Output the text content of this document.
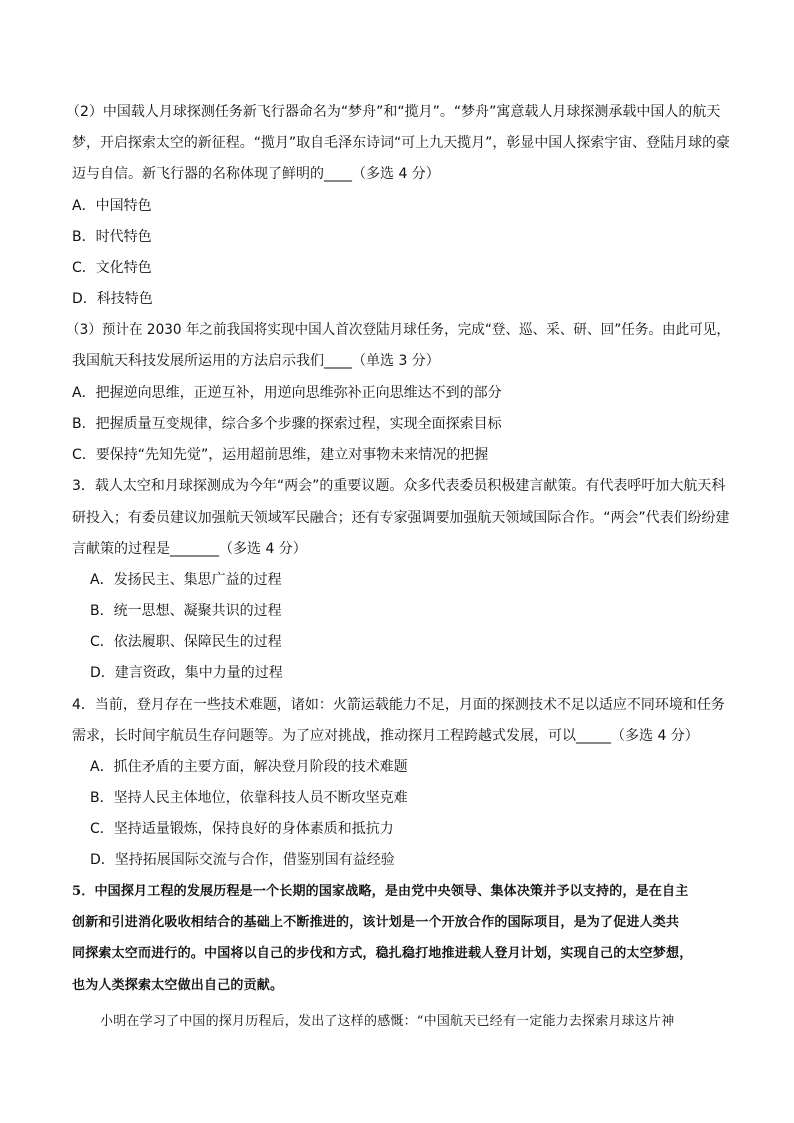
（2）中国载人月球探测任务新飞行器命名为“梦舟”和“揽月”。“梦舟”寓意载人月球探测承载中国人的航天
梦，开启探索太空的新征程。“揽月”取自毛泽东诗词“可上九天揽月”，彰显中国人探索宇宙、登陆月球的豪
迈与自信。新飞行器的名称体现了鲜明的____（多选 4 分）
A．中国特色
B．时代特色
C．文化特色
D．科技特色
（3）预计在 2030 年之前我国将实现中国人首次登陆月球任务，完成“登、巡、采、研、回”任务。由此可见，
我国航天科技发展所运用的方法启示我们____（单选 3 分）
A．把握逆向思维，正逆互补，用逆向思维弥补正向思维达不到的部分
B．把握质量互变规律，综合多个步骤的探索过程，实现全面探索目标
C．要保持“先知先觉”，运用超前思维，建立对事物未来情况的把握
3．载人太空和月球探测成为今年“两会”的重要议题。众多代表委员积极建言献策。有代表呼吁加大航天科
研投入；有委员建议加强航天领域军民融合；还有专家强调要加强航天领域国际合作。“两会”代表们纷纷建
言献策的过程是_______（多选 4 分）
A．发扬民主、集思广益的过程
B．统一思想、凝聚共识的过程
C．依法履职、保障民生的过程
D．建言资政，集中力量的过程
4．当前，登月存在一些技术难题，诸如：火箭运载能力不足，月面的探测技术不足以适应不同环境和任务
需求，长时间宇航员生存问题等。为了应对挑战，推动探月工程跨越式发展，可以_____（多选 4 分）
A．抓住矛盾的主要方面，解决登月阶段的技术难题
B．坚持人民主体地位，依靠科技人员不断攻坚克难
C．坚持适量锻炼，保持良好的身体素质和抵抗力
D．坚持拓展国际交流与合作，借鉴别国有益经验
5．中国探月工程的发展历程是一个长期的国家战略，是由党中央领导、集体决策并予以支持的，是在自主
创新和引进消化吸收相结合的基础上不断推进的，该计划是一个开放合作的国际项目，是为了促进人类共
同探索太空而进行的。中国将以自己的步伐和方式，稳扎稳打地推进载人登月计划，实现自己的太空梦想，
也为人类探索太空做出自己的贡献。
小明在学习了中国的探月历程后，发出了这样的感慨：“中国航天已经有一定能力去探索月球这片神
